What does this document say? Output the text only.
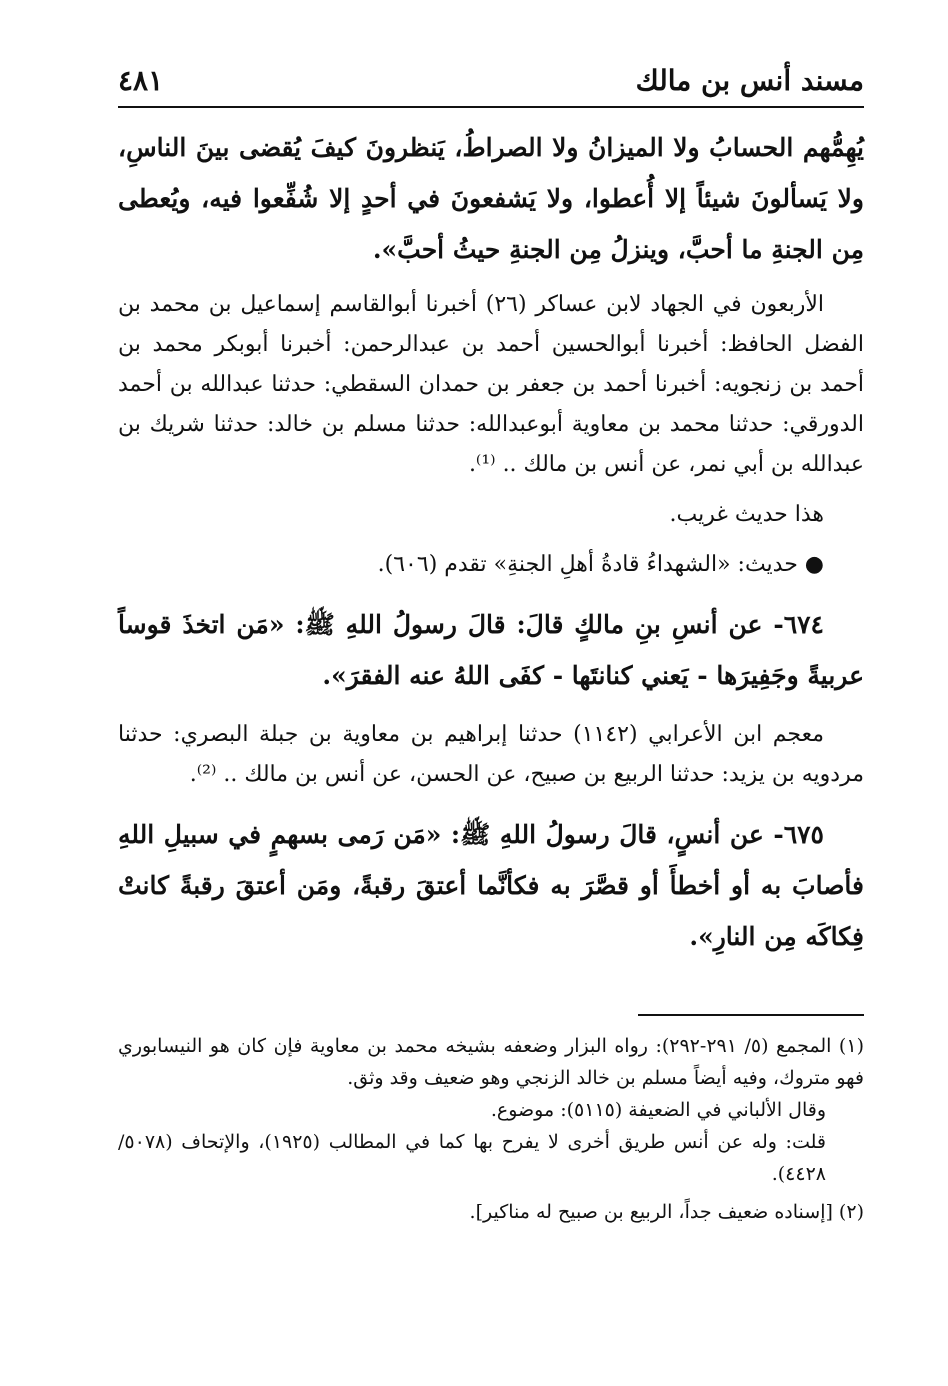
مسند أنس بن مالك
٤٨١

يُهِمُّهم الحسابُ ولا الميزانُ ولا الصراطُ، يَنظرونَ كيفَ يُقضى بينَ الناسِ، ولا يَسألونَ شيئاً إلا أُعطوا، ولا يَشفعونَ في أحدٍ إلا شُفِّعوا فيه، ويُعطى مِن الجنةِ ما أحبَّ، وينزلُ مِن الجنةِ حيثُ أحبَّ».

الأربعون في الجهاد لابن عساكر (٢٦) أخبرنا أبوالقاسم إسماعيل بن محمد بن الفضل الحافظ: أخبرنا أبوالحسين أحمد بن عبدالرحمن: أخبرنا أبوبكر محمد بن أحمد بن زنجويه: أخبرنا أحمد بن جعفر بن حمدان السقطي: حدثنا عبدالله بن أحمد الدورقي: حدثنا محمد بن معاوية أبوعبدالله: حدثنا مسلم بن خالد: حدثنا شريك بن عبدالله بن أبي نمر، عن أنس بن مالك .. ⁽¹⁾.

هذا حديث غريب.

● حديث: «الشهداءُ قادةُ أهلِ الجنةِ» تقدم (٦٠٦).

٦٧٤- عن أنسِ بنِ مالكٍ قالَ: قالَ رسولُ اللهِ ﷺ: «مَن اتخذَ قوساً عربيةً وجَفِيرَها - يَعني كنانتَها - كفَى اللهُ عنه الفقرَ».

معجم ابن الأعرابي (١١٤٢) حدثنا إبراهيم بن معاوية بن جبلة البصري: حدثنا مردويه بن يزيد: حدثنا الربيع بن صبيح، عن الحسن، عن أنس بن مالك .. ⁽²⁾.

٦٧٥- عن أنسٍ، قالَ رسولُ اللهِ ﷺ: «مَن رَمى بسهمٍ في سبيلِ اللهِ فأصابَ به أو أخطأَ أو قصَّرَ به فكأنَّما أعتقَ رقبةً، ومَن أعتقَ رقبةً كانتْ فِكاكَه مِن النارِ».

(١) المجمع (٥/ ٢٩١-٢٩٢): رواه البزار وضعفه بشيخه محمد بن معاوية فإن كان هو النيسابوري فهو متروك، وفيه أيضاً مسلم بن خالد الزنجي وهو ضعيف وقد وثق.

وقال الألباني في الضعيفة (٥١١٥): موضوع.

قلت: وله عن أنس طريق أخرى لا يفرح بها كما في المطالب (١٩٢٥)، والإتحاف (٥٠٧٨/ ٤٤٢٨).

(٢) [إسناده ضعيف جداً، الربيع بن صبيح له مناكير].
